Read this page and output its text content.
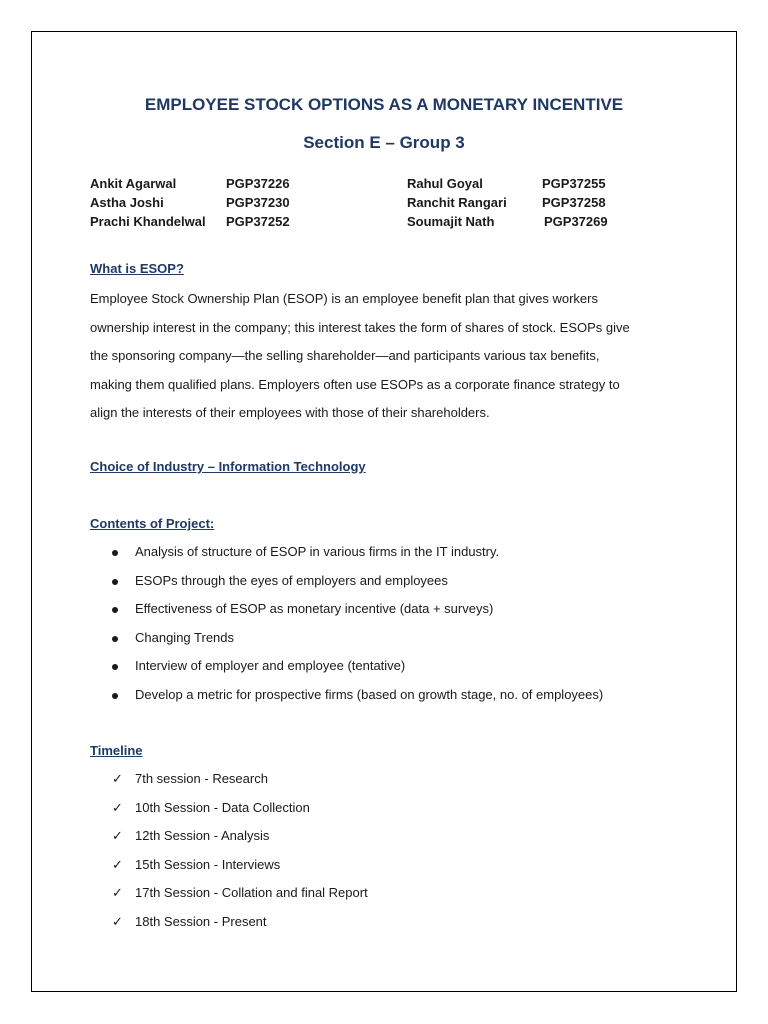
EMPLOYEE STOCK OPTIONS AS A MONETARY INCENTIVE
Section E – Group 3
Ankit Agarwal
Astha Joshi
Prachi Khandelwal
PGP37226
PGP37230
PGP37252
Rahul Goyal
Ranchit Rangari
Soumajit Nath
PGP37255
PGP37258
PGP37269
What is ESOP?
Employee Stock Ownership Plan (ESOP) is an employee benefit plan that gives workers
ownership interest in the company; this interest takes the form of shares of stock. ESOPs give
the sponsoring company—the selling shareholder—and participants various tax benefits,
making them qualified plans. Employers often use ESOPs as a corporate finance strategy to
align the interests of their employees with those of their shareholders.
Choice of Industry – Information Technology
Contents of Project:
Analysis of structure of ESOP in various firms in the IT industry.
ESOPs through the eyes of employers and employees
Effectiveness of ESOP as monetary incentive (data + surveys)
Changing Trends
Interview of employer and employee (tentative)
Develop a metric for prospective firms (based on growth stage, no. of employees)
Timeline
✓ 7th session - Research
✓ 10th Session - Data Collection
✓ 12th Session - Analysis
✓ 15th Session - Interviews
✓ 17th Session - Collation and final Report
✓ 18th Session - Present
